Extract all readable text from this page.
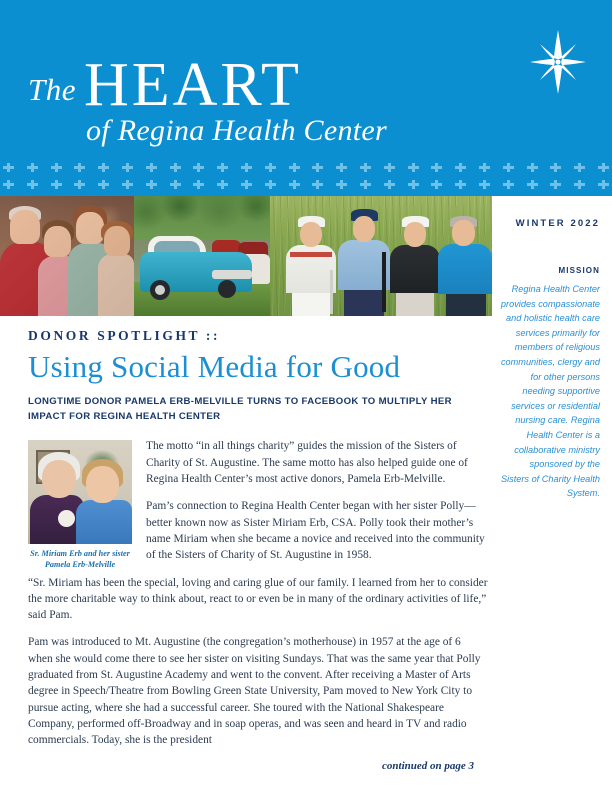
The HEART
of Regina Health Center
WINTER 2022
MISSION
Regina Health Center provides compassionate and holistic health care services primarily for members of religious communities, clergy and for other persons needing supportive services or residential nursing care. Regina Health Center is a collaborative ministry sponsored by the Sisters of Charity Health System.
DONOR SPOTLIGHT ::
Using Social Media for Good
LONGTIME DONOR PAMELA ERB-MELVILLE TURNS TO FACEBOOK TO MULTIPLY HER IMPACT FOR REGINA HEALTH CENTER
Sr. Miriam Erb and her sister Pamela Erb-Melville

The motto “in all things charity” guides the mission of the Sisters of Charity of St. Augustine. The same motto has also helped guide one of Regina Health Center’s most active donors, Pamela Erb-Melville.

Pam’s connection to Regina Health Center began with her sister Polly—better known now as Sister Miriam Erb, CSA. Polly took their mother’s name Miriam when she became a novice and received into the community of the Sisters of Charity of St. Augustine in 1958.

“Sr. Miriam has been the special, loving and caring glue of our family. I learned from her to consider the more charitable way to think about, react to or even be in many of the ordinary activities of life,” said Pam.

Pam was introduced to Mt. Augustine (the congregation’s motherhouse) in 1957 at the age of 6 when she would come there to see her sister on visiting Sundays. That was the same year that Polly graduated from St. Augustine Academy and went to the convent. After receiving a Master of Arts degree in Speech/Theatre from Bowling Green State University, Pam moved to New York City to pursue acting, where she had a successful career. She toured with the National Shakespeare Company, performed off-Broadway and in soap operas, and was seen and heard in TV and radio commercials. Today, she is the president

continued on page 3
